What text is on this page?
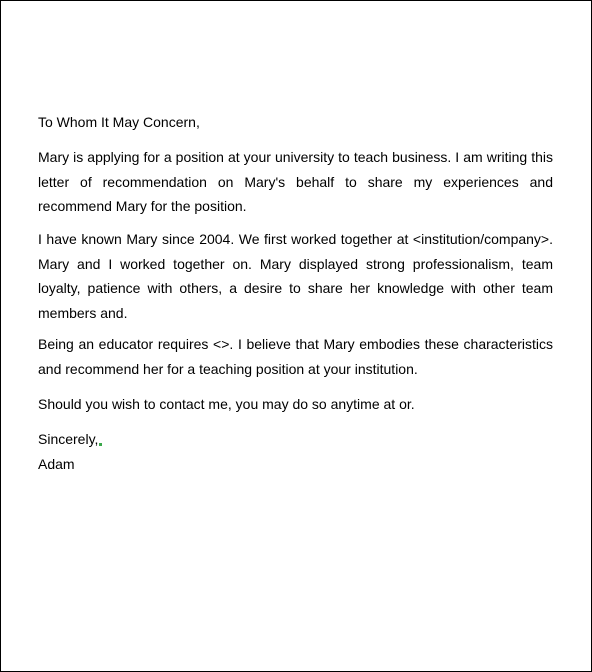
To Whom It May Concern,

Mary is applying for a position at your university to teach business. I am writing this letter of recommendation on Mary's behalf to share my experiences and recommend Mary for the position.

I have known Mary since 2004. We first worked together at <institution/company>. Mary and I worked together on. Mary displayed strong professionalism, team loyalty, patience with others, a desire to share her knowledge with other team members and.

Being an educator requires <>. I believe that Mary embodies these characteristics and recommend her for a teaching position at your institution.

Should you wish to contact me, you may do so anytime at or.

Sincerely,
Adam
